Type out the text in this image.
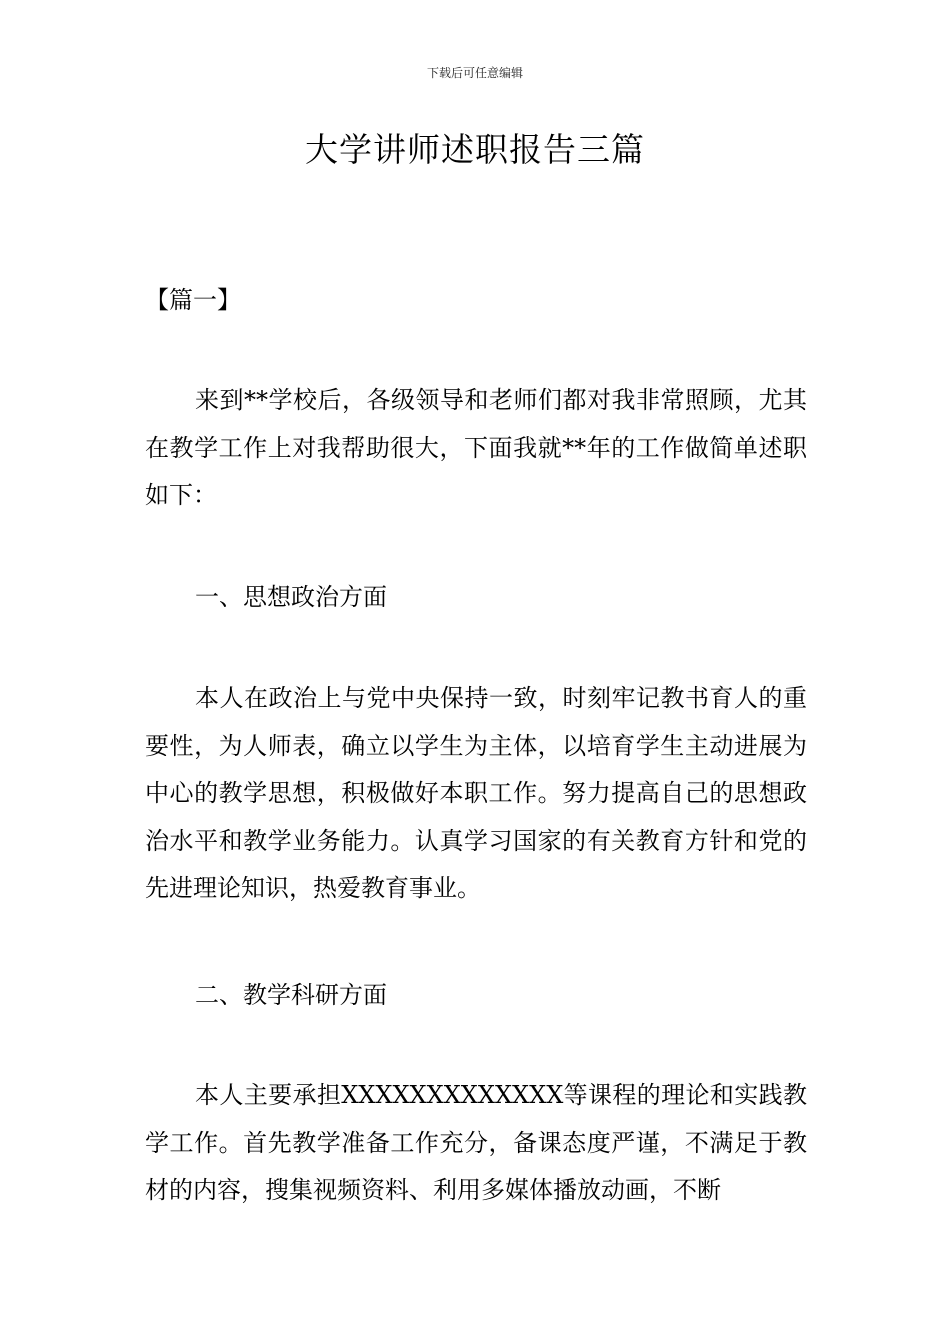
下载后可任意编辑
大学讲师述职报告三篇
【篇一】

来到**学校后，各级领导和老师们都对我非常照顾，尤其在教学工作上对我帮助很大，下面我就**年的工作做简单述职如下：

一、思想政治方面

本人在政治上与党中央保持一致，时刻牢记教书育人的重要性，为人师表，确立以学生为主体，以培育学生主动进展为中心的教学思想，积极做好本职工作。努力提高自己的思想政治水平和教学业务能力。认真学习国家的有关教育方针和党的先进理论知识，热爱教育事业。

二、教学科研方面

本人主要承担XXXXXXXXXXXXX等课程的理论和实践教学工作。首先教学准备工作充分，备课态度严谨，不满足于教材的内容，搜集视频资料、利用多媒体播放动画，不断
